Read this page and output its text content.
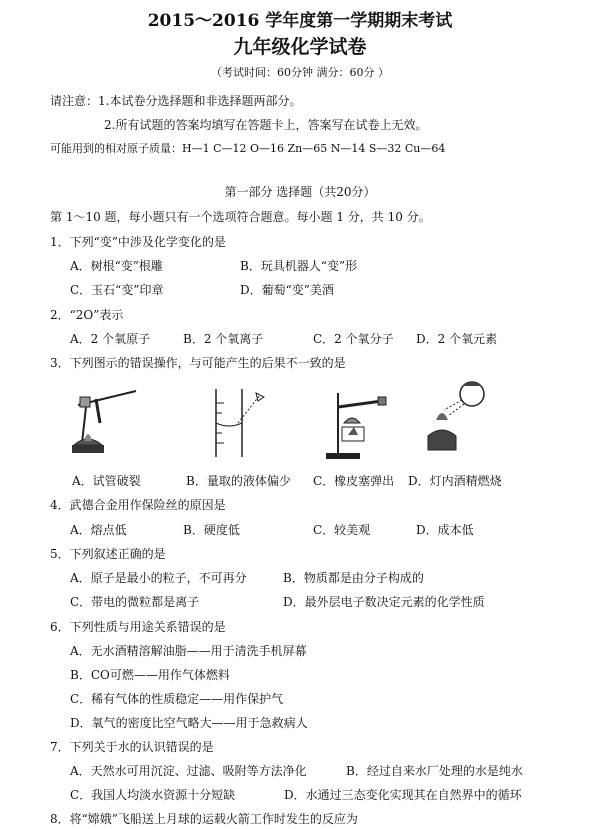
2015～2016 学年度第一学期期末考试
九年级化学试卷
（考试时间：60分钟 满分：60分 ）
请注意：1.本试卷分选择题和非选择题两部分。
2.所有试题的答案均填写在答题卡上，答案写在试卷上无效。
可能用到的相对原子质量：H—1 C—12 O—16 Zn—65 N—14 S—32 Cu—64
第一部分 选择题（共20分）
第 1～10 题，每小题只有一个选项符合题意。每小题 1 分，共 10 分。
1．下列“变”中涉及化学变化的是
A．树根“变”根雕	B．玩具机器人“变”形
C．玉石“变”印章	D．葡萄“变”美酒
2．“2O”表示
A．2 个氧原子	B．2 个氧离子	C．2 个氧分子 D．2 个氧元素
3．下列图示的错误操作，与可能产生的后果不一致的是
A．试管破裂	B．量取的液体偏少 C．橡皮塞弹出 D．灯内酒精燃烧
4．武德合金用作保险丝的原因是
A．熔点低	B．硬度低	C．较美观	D．成本低
5．下列叙述正确的是
A．原子是最小的粒子，不可再分	B．物质都是由分子构成的
C．带电的微粒都是离子	D．最外层电子数决定元素的化学性质
6．下列性质与用途关系错误的是
A．无水酒精溶解油脂——用于清洗手机屏幕
B．CO可燃——用作气体燃料
C．稀有气体的性质稳定——用作保护气
D．氧气的密度比空气略大——用于急救病人
7．下列关于水的认识错误的是
A．天然水可用沉淀、过滤、吸附等方法净化	B．经过自来水厂处理的水是纯水
C．我国人均淡水资源十分短缺	D．水通过三态变化实现其在自然界中的循环
8．将“嫦娥”飞船送上月球的运载火箭工作时发生的反应为
